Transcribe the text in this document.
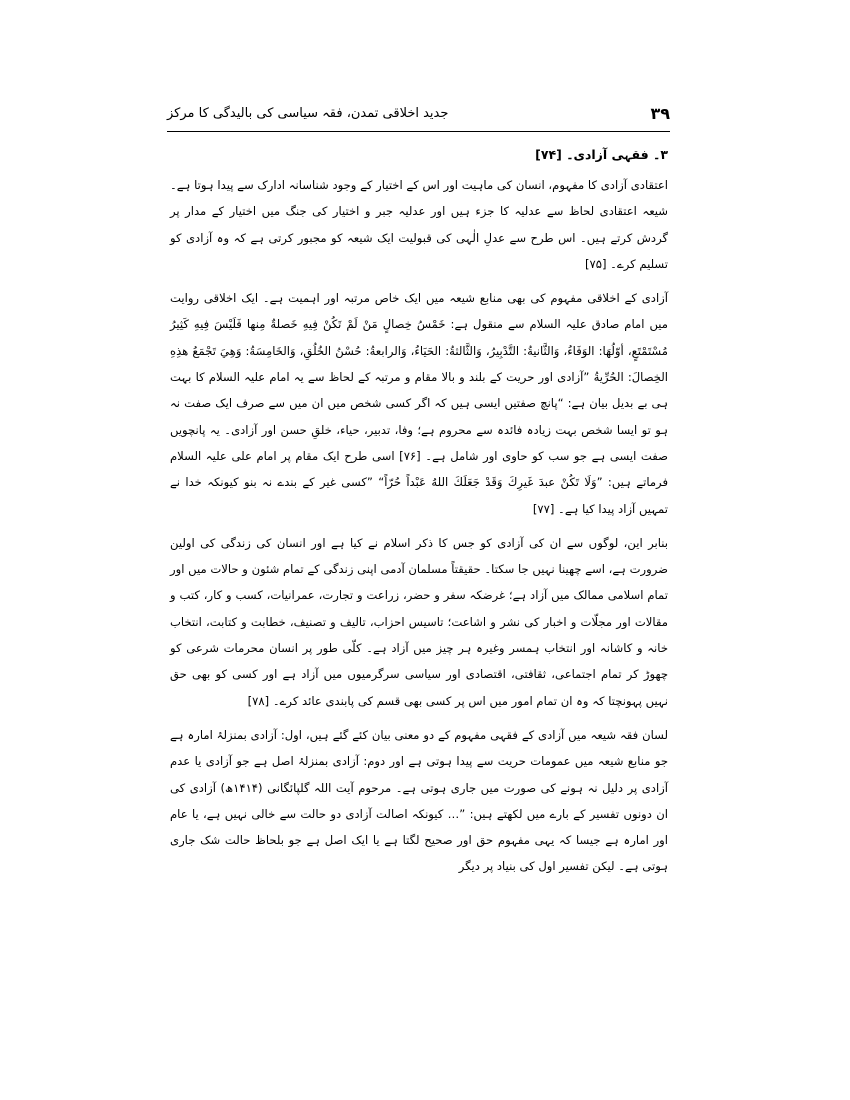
۳۹
جدید اخلاقی تمدن، فقہ سیاسی کی بالیدگی کا مرکز

۳۔ فقہی آزادی۔ [۷۴]

اعتقادی آزادی کا مفہوم، انسان کی ماہیت اور اس کے اختیار کے وجود شناسانہ ادارک سے پیدا ہوتا ہے۔ شیعہ اعتقادی لحاظ سے عدلیہ کا جزء ہیں اور عدلیہ جبر و اختیار کی جنگ میں اختیار کے مدار پر گردش کرتے ہیں۔ اس طرح سے عدلِ الٰہی کی قبولیت ایک شیعہ کو مجبور کرتی ہے کہ وہ آزادی کو تسلیم کرے۔ [۷۵]

آزادی کے اخلاقی مفہوم کی بھی منابع شیعہ میں ایک خاص مرتبہ اور اہمیت ہے۔ ایک اخلاقی روایت میں امام صادق علیہ السلام سے منقول ہے: خَمْسُ خِصالٍ مَنْ لَمْ تَكُنْ فِيهِ خَصلةٌ مِنها فَلَيْسَ فِيهِ كَثِيرُ مُسْتَمْتَعٍ، أوّلُهَا: الوَفَاءُ، وَالثَّانيةُ: التَّدْبِيرُ، وَالثَّالثةُ: الحَيَاءُ، وَالرابعةُ: حُسْنُ الخُلُقِ، وَالخَامِسَةُ: وَهِيَ تَجْمَعُ هذِهِ الخِصالَ: الحُرِّيةُ ”آزادی اور حریت کے بلند و بالا مقام و مرتبہ کے لحاظ سے یہ امام علیہ السلام کا بہت ہی بے بدیل بیان ہے: “پانچ صفتیں ایسی ہیں کہ اگر کسی شخص میں ان میں سے صرف ایک صفت نہ ہو تو ایسا شخص بہت زیادہ فائدہ سے محروم ہے؛ وفا، تدبیر، حیاء، خلقِ حسن اور آزادی۔ یہ پانچویں صفت ایسی ہے جو سب کو حاوی اور شامل ہے۔ [۷۶] اسی طرح ایک مقام پر امام علی علیہ السلام فرماتے ہیں: ”وَلَا تَكُنْ عبدَ غَيرِكَ وَقَدْ جَعَلَكَ اللهُ عَبْداً حُرّاً“ ”کسی غیر کے بندے نہ بنو کیونکہ خدا نے تمہیں آزاد پیدا کیا ہے۔ [۷۷]

بنابر این، لوگوں سے ان کی آزادی کو جس کا ذکر اسلام نے کیا ہے اور انسان کی زندگی کی اولین ضرورت ہے، اسے چھینا نہیں جا سکتا۔ حقیقتاً مسلمان آدمی اپنی زندگی کے تمام شئون و حالات میں اور تمام اسلامی ممالک میں آزاد ہے؛ غرضکہ سفر و حضر، زراعت و تجارت، عمرانیات، کسب و کار، کتب و مقالات اور مجلّات و اخبار کی نشر و اشاعت؛ تاسیس احزاب، تالیف و تصنیف، خطابت و کتابت، انتخاب خانہ و کاشانہ اور انتخاب ہمسر وغیرہ ہر چیز میں آزاد ہے۔ کلّی طور پر انسان محرمات شرعی کو چھوڑ کر تمام اجتماعی، ثقافتی، اقتصادی اور سیاسی سرگرمیوں میں آزاد ہے اور کسی کو بھی حق نہیں پہونچتا کہ وہ ان تمام امور میں اس پر کسی بھی قسم کی پابندی عائد کرے۔ [۷۸]

لسان فقہ شیعہ میں آزادی کے فقہی مفہوم کے دو معنی بیان کئے گئے ہیں، اول: آزادی بمنزلۂ امارہ ہے جو منابع شیعہ میں عمومات حریت سے پیدا ہوتی ہے اور دوم: آزادی بمنزلۂ اصل ہے جو آزادی یا عدم آزادی پر دلیل نہ ہونے کی صورت میں جاری ہوتی ہے۔ مرحوم آیت اللہ گلپائگانی (۱۴۱۴ھ) آزادی کی ان دونوں تفسیر کے بارے میں لکھتے ہیں: ”… کیونکہ اصالت آزادی دو حالت سے خالی نہیں ہے، یا عام اور امارہ ہے جیسا کہ یہی مفہوم حق اور صحیح لگتا ہے یا ایک اصل ہے جو بلحاظ حالت شک جاری ہوتی ہے۔ لیکن تفسیر اول کی بنیاد پر دیگر
